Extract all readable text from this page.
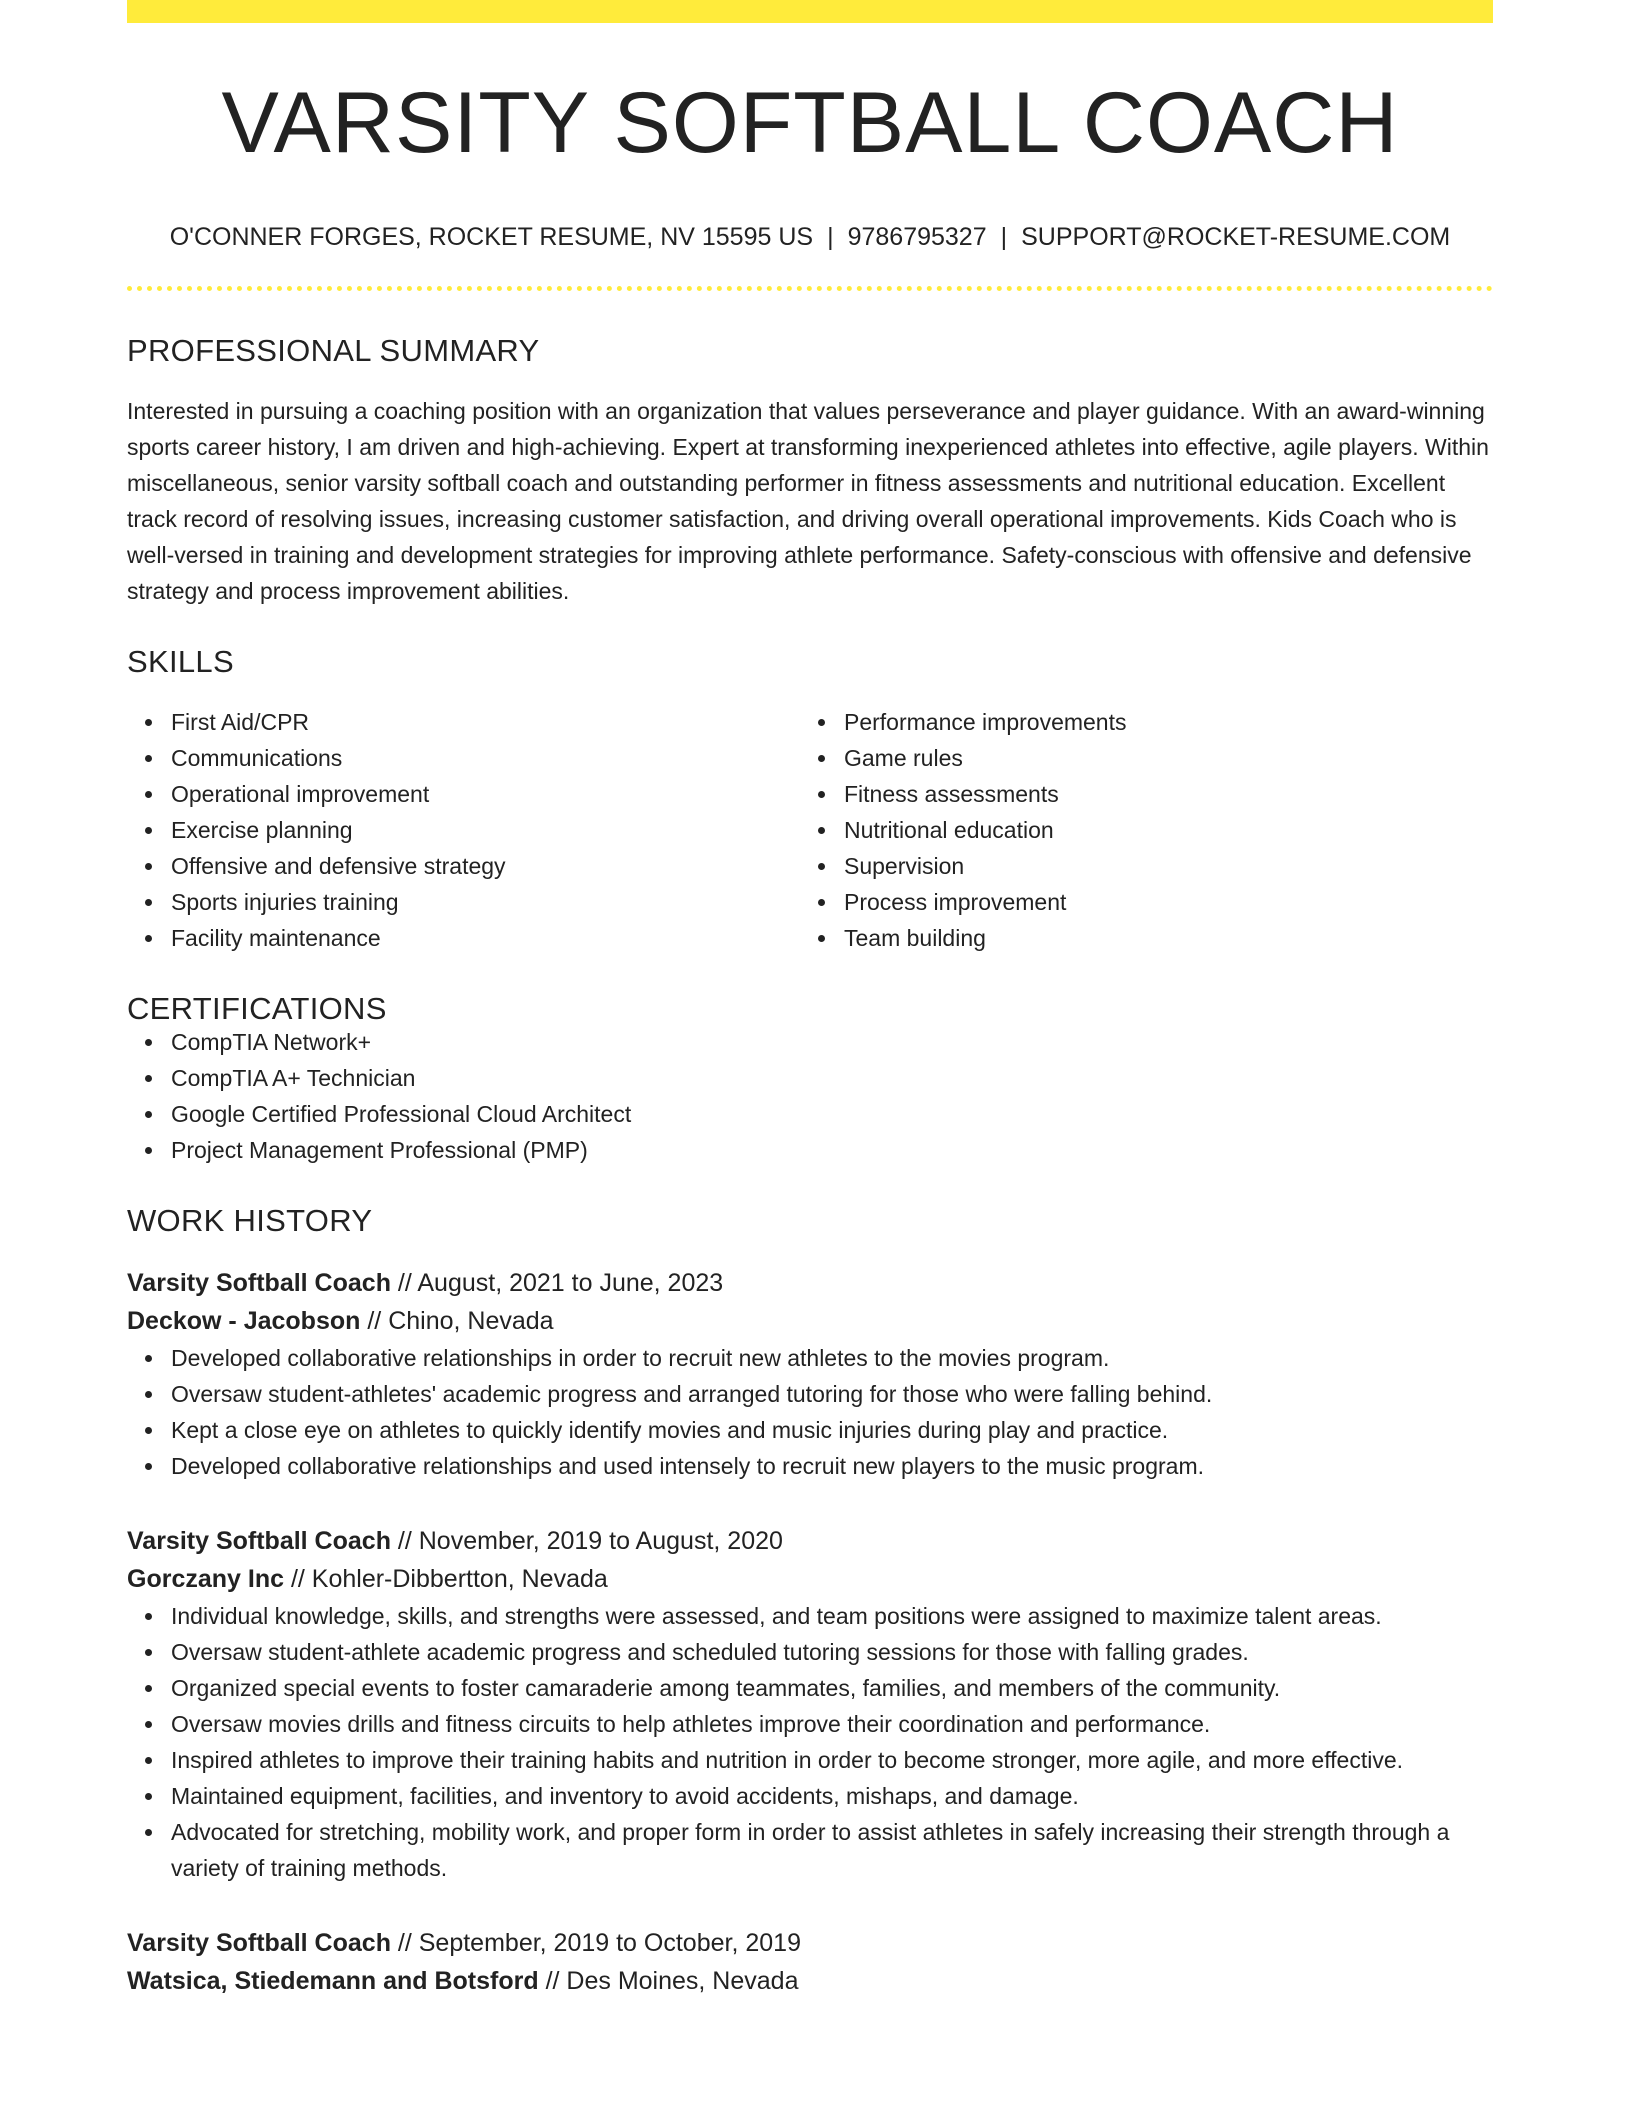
VARSITY SOFTBALL COACH
O'CONNER FORGES, ROCKET RESUME, NV 15595 US | 9786795327 | SUPPORT@ROCKET-RESUME.COM
PROFESSIONAL SUMMARY

Interested in pursuing a coaching position with an organization that values perseverance and player guidance. With an award-winning sports career history, I am driven and high-achieving. Expert at transforming inexperienced athletes into effective, agile players. Within miscellaneous, senior varsity softball coach and outstanding performer in fitness assessments and nutritional education. Excellent track record of resolving issues, increasing customer satisfaction, and driving overall operational improvements. Kids Coach who is well-versed in training and development strategies for improving athlete performance. Safety-conscious with offensive and defensive strategy and process improvement abilities.

SKILLS
First Aid/CPR
Communications
Operational improvement
Exercise planning
Offensive and defensive strategy
Sports injuries training
Facility maintenance
Performance improvements
Game rules
Fitness assessments
Nutritional education
Supervision
Process improvement
Team building
CERTIFICATIONS
CompTIA Network+
CompTIA A+ Technician
Google Certified Professional Cloud Architect
Project Management Professional (PMP)
WORK HISTORY
Varsity Softball Coach // August, 2021 to June, 2023
Deckow - Jacobson // Chino, Nevada
Developed collaborative relationships in order to recruit new athletes to the movies program.
Oversaw student-athletes' academic progress and arranged tutoring for those who were falling behind.
Kept a close eye on athletes to quickly identify movies and music injuries during play and practice.
Developed collaborative relationships and used intensely to recruit new players to the music program.
Varsity Softball Coach // November, 2019 to August, 2020
Gorczany Inc // Kohler-Dibbertton, Nevada
Individual knowledge, skills, and strengths were assessed, and team positions were assigned to maximize talent areas.
Oversaw student-athlete academic progress and scheduled tutoring sessions for those with falling grades.
Organized special events to foster camaraderie among teammates, families, and members of the community.
Oversaw movies drills and fitness circuits to help athletes improve their coordination and performance.
Inspired athletes to improve their training habits and nutrition in order to become stronger, more agile, and more effective.
Maintained equipment, facilities, and inventory to avoid accidents, mishaps, and damage.
Advocated for stretching, mobility work, and proper form in order to assist athletes in safely increasing their strength through a variety of training methods.
Varsity Softball Coach // September, 2019 to October, 2019
Watsica, Stiedemann and Botsford // Des Moines, Nevada
